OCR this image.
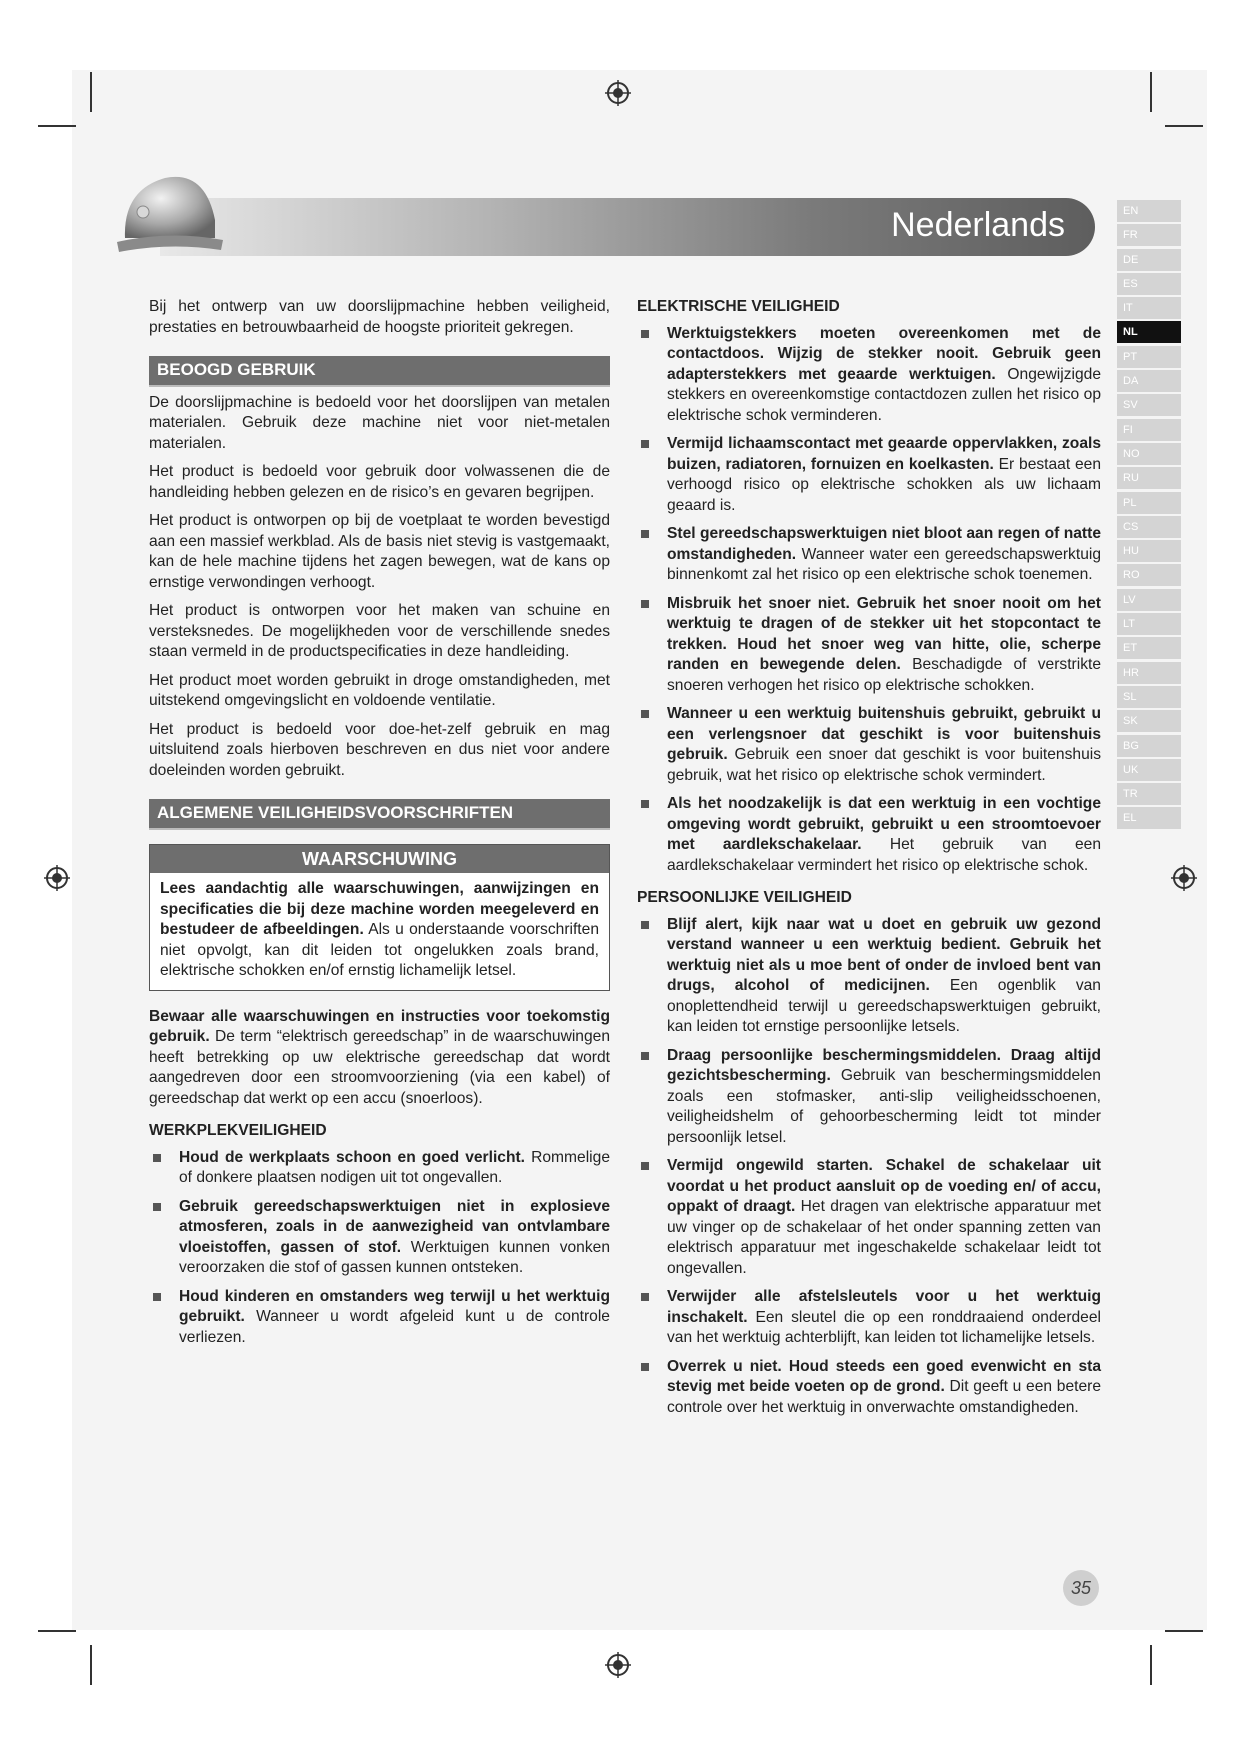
Nederlands	EN
FR
DE
ES
IT
NL
PT
DA
SV
FI
NO
RU
PL
CS
HU
RO
LV
LT
ET
HR
SL
SK
BG
UK
TR
EL

Bij het ontwerp van uw doorslijpmachine hebben veiligheid, prestaties en betrouwbaarheid de hoogste prioriteit gekregen.

BEOOGD GEBRUIK

De doorslijpmachine is bedoeld voor het doorslijpen van metalen materialen. Gebruik deze machine niet voor niet-metalen materialen.

Het product is bedoeld voor gebruik door volwassenen die de handleiding hebben gelezen en de risico’s en gevaren begrijpen.

Het product is ontworpen op bij de voetplaat te worden bevestigd aan een massief werkblad. Als de basis niet stevig is vastgemaakt, kan de hele machine tijdens het zagen bewegen, wat de kans op ernstige verwondingen verhoogt.

Het product is ontworpen voor het maken van schuine en versteksnedes. De mogelijkheden voor de verschillende snedes staan vermeld in de productspecificaties in deze handleiding.

Het product moet worden gebruikt in droge omstandigheden, met uitstekend omgevingslicht en voldoende ventilatie.

Het product is bedoeld voor doe-het-zelf gebruik en mag uitsluitend zoals hierboven beschreven en dus niet voor andere doeleinden worden gebruikt.

ALGEMENE VEILIGHEIDSVOORSCHRIFTEN
WAARSCHUWING
Lees aandachtig alle waarschuwingen, aanwijzingen en specificaties die bij deze machine worden meegeleverd en bestudeer de afbeeldingen. Als u onderstaande voorschriften niet opvolgt, kan dit leiden tot ongelukken zoals brand, elektrische schokken en/of ernstig lichamelijk letsel.

Bewaar alle waarschuwingen en instructies voor toekomstig gebruik. De term “elektrisch gereedschap” in de waarschuwingen heeft betrekking op uw elektrische gereedschap dat wordt aangedreven door een stroomvoorziening (via een kabel) of gereedschap dat werkt op een accu (snoerloos).

WERKPLEKVEILIGHEID
Houd de werkplaats schoon en goed verlicht. Rommelige of donkere plaatsen nodigen uit tot ongevallen.
Gebruik gereedschapswerktuigen niet in explosieve atmosferen, zoals in de aanwezigheid van ontvlambare vloeistoffen, gassen of stof. Werktuigen kunnen vonken veroorzaken die stof of gassen kunnen ontsteken.
Houd kinderen en omstanders weg terwijl u het werktuig gebruikt. Wanneer u wordt afgeleid kunt u de controle verliezen.
ELEKTRISCHE VEILIGHEID
Werktuigstekkers moeten overeenkomen met de contactdoos. Wijzig de stekker nooit. Gebruik geen adapterstekkers met geaarde werktuigen. Ongewijzigde stekkers en overeenkomstige contactdozen zullen het risico op elektrische schok verminderen.
Vermijd lichaamscontact met geaarde oppervlakken, zoals buizen, radiatoren, fornuizen en koelkasten. Er bestaat een verhoogd risico op elektrische schokken als uw lichaam geaard is.
Stel gereedschapswerktuigen niet bloot aan regen of natte omstandigheden. Wanneer water een gereedschapswerktuig binnenkomt zal het risico op een elektrische schok toenemen.
Misbruik het snoer niet. Gebruik het snoer nooit om het werktuig te dragen of de stekker uit het stopcontact te trekken. Houd het snoer weg van hitte, olie, scherpe randen en bewegende delen. Beschadigde of verstrikte snoeren verhogen het risico op elektrische schokken.
Wanneer u een werktuig buitenshuis gebruikt, gebruikt u een verlengsnoer dat geschikt is voor buitenshuis gebruik. Gebruik een snoer dat geschikt is voor buitenshuis gebruik, wat het risico op elektrische schok vermindert.
Als het noodzakelijk is dat een werktuig in een vochtige omgeving wordt gebruikt, gebruikt u een stroomtoevoer met aardlekschakelaar. Het gebruik van een aardlekschakelaar vermindert het risico op elektrische schok.
PERSOONLIJKE VEILIGHEID
Blijf alert, kijk naar wat u doet en gebruik uw gezond verstand wanneer u een werktuig bedient. Gebruik het werktuig niet als u moe bent of onder de invloed bent van drugs, alcohol of medicijnen. Een ogenblik van onoplettendheid terwijl u gereedschapswerktuigen gebruikt, kan leiden tot ernstige persoonlijke letsels.
Draag persoonlijke beschermingsmiddelen. Draag altijd gezichtsbescherming. Gebruik van beschermingsmiddelen zoals een stofmasker, anti-slip veiligheidsschoenen, veiligheidshelm of gehoorbescherming leidt tot minder persoonlijk letsel.
Vermijd ongewild starten. Schakel de schakelaar uit voordat u het product aansluit op de voeding en/ of accu, oppakt of draagt. Het dragen van elektrische apparatuur met uw vinger op de schakelaar of het onder spanning zetten van elektrisch apparatuur met ingeschakelde schakelaar leidt tot ongevallen.
Verwijder alle afstelsleutels voor u het werktuig inschakelt. Een sleutel die op een ronddraaiend onderdeel van het werktuig achterblijft, kan leiden tot lichamelijke letsels.
Overrek u niet. Houd steeds een goed evenwicht en sta stevig met beide voeten op de grond. Dit geeft u een betere controle over het werktuig in onverwachte omstandigheden.
35
